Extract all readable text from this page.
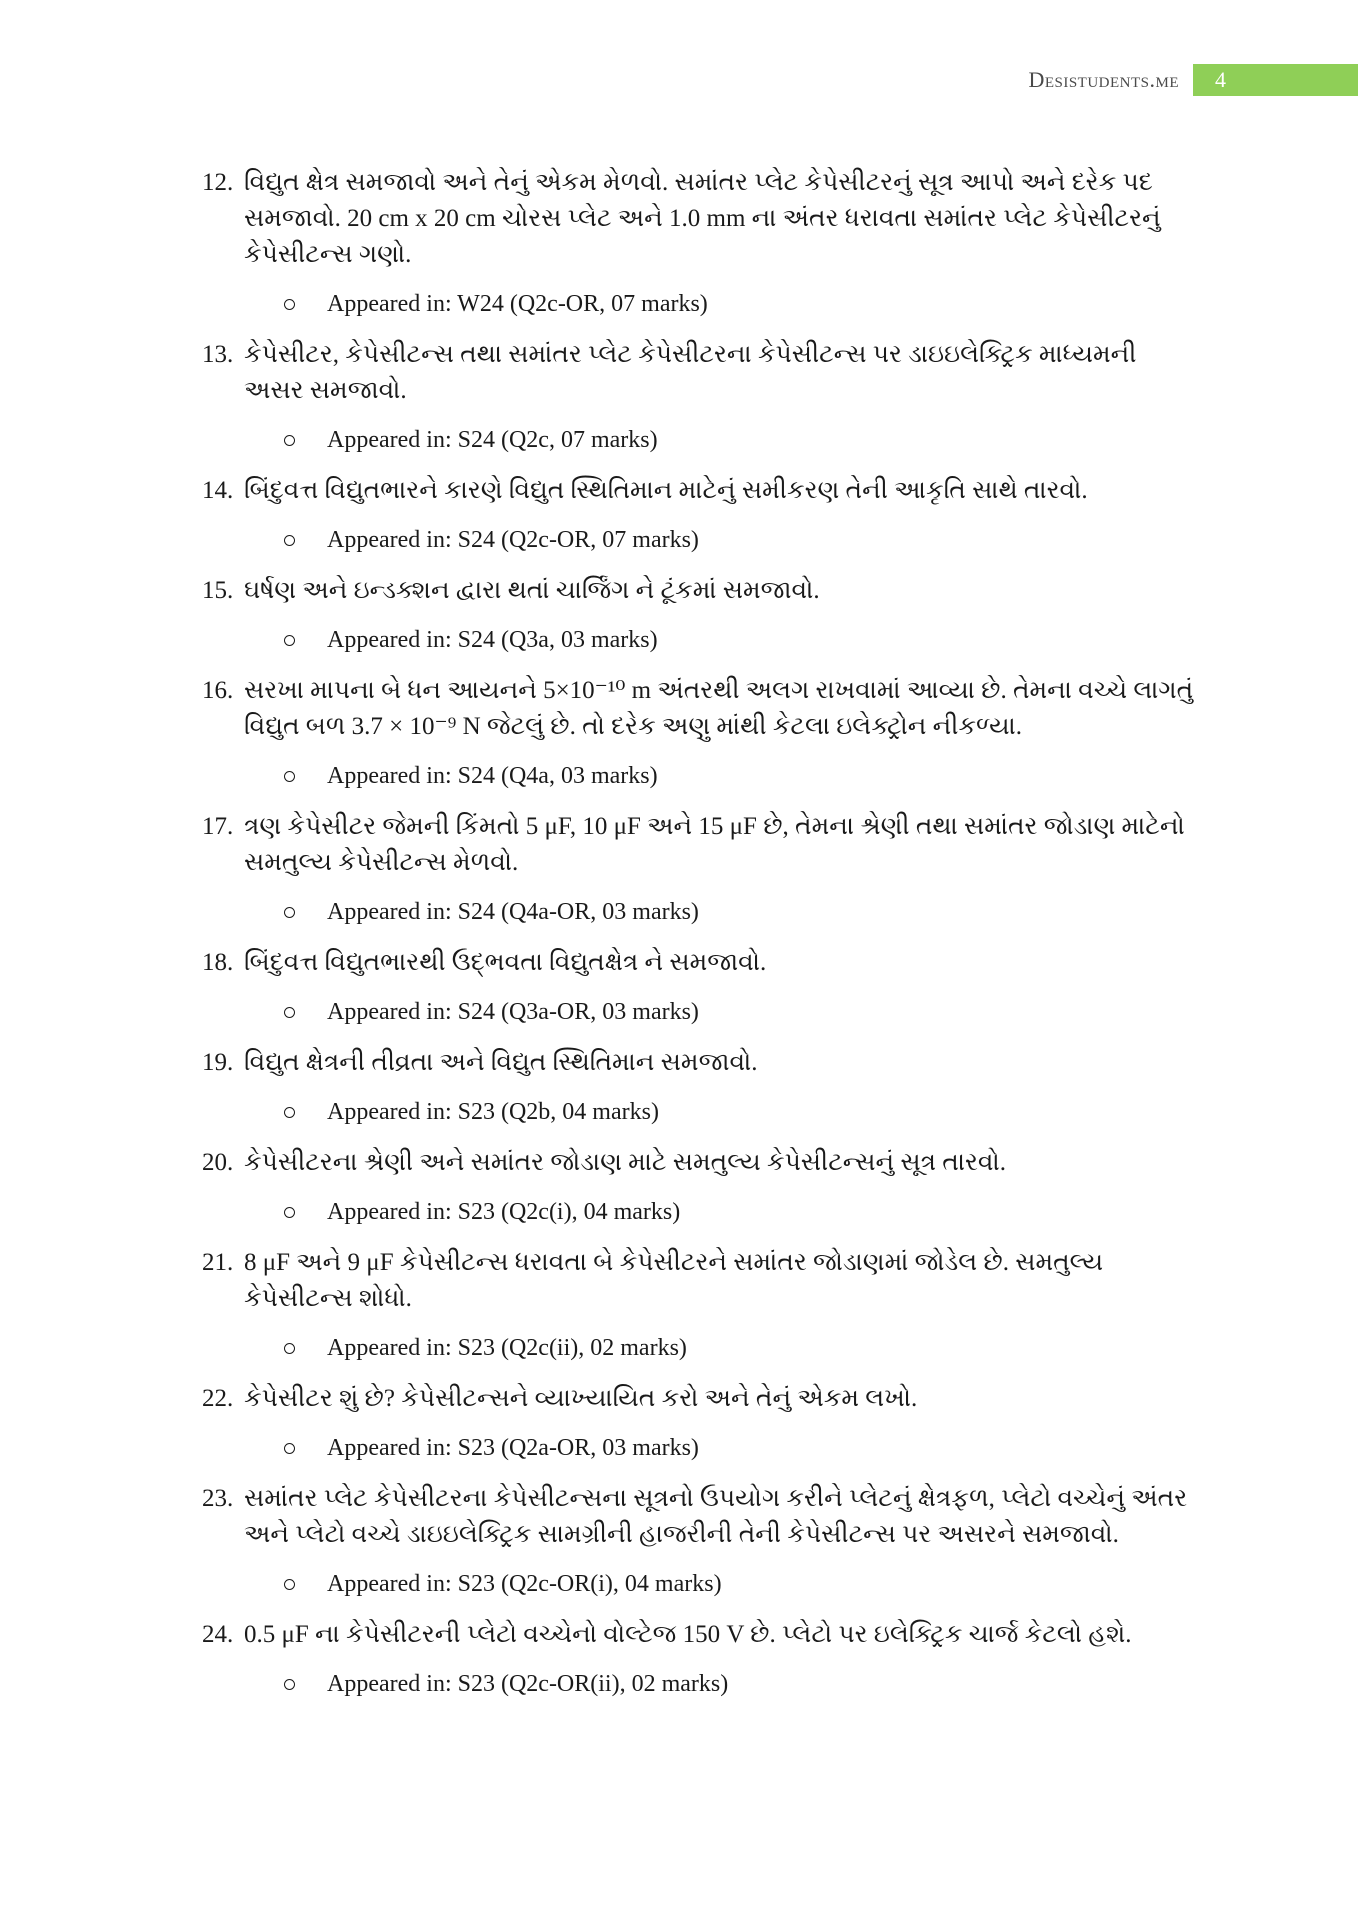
Desistudents.me	4
12. વિદ્યુત ક્ષેત્ર સમજાવો અને તેનું એકમ મેળવો. સમાંતર પ્લેટ કેપેસીટરનું સૂત્ર આપો અને દરેક પદ સમજાવો. 20 cm x 20 cm ચોરસ પ્લેટ અને 1.0 mm ના અંતર ધરાવતા સમાંતર પ્લેટ કેપેસીટરનું કેપેસીટન્સ ગણો.
Appeared in: W24 (Q2c-OR, 07 marks)
13. કેપેસીટર, કેપેસીટન્સ તથા સમાંતર પ્લેટ કેપેસીટરના કેપેસીટન્સ પર ડાઇઇલેક્ટ્રિક માધ્યમની અસર સમજાવો.
Appeared in: S24 (Q2c, 07 marks)
14. બિંદુવત્ત વિદ્યુતભારને કારણે વિદ્યુત સ્થિતિમાન માટેનું સમીકરણ તેની આકૃતિ સાથે તારવો.
Appeared in: S24 (Q2c-OR, 07 marks)
15. ઘર્ષણ અને ઇન્ડક્શન દ્વારા થતાં ચાર્જિંગ ને ટૂંકમાં સમજાવો.
Appeared in: S24 (Q3a, 03 marks)
16. સરખા માપના બે ધન આયનને 5×10⁻¹⁰ m અંતરથી અલગ રાખવામાં આવ્યા છે. તેમના વચ્ચે લાગતું વિદ્યુત બળ 3.7 × 10⁻⁹ N જેટલું છે. તો દરેક અણુ માંથી કેટલા ઇલેક્ટ્રોન નીકળ્યા.
Appeared in: S24 (Q4a, 03 marks)
17. ત્રણ કેપેસીટર જેમની કિંમતો 5 μF, 10 μF અને 15 μF છે, તેમના શ્રેણી તથા સમાંતર જોડાણ માટેનો સમતુલ્ય કેપેસીટન્સ મેળવો.
Appeared in: S24 (Q4a-OR, 03 marks)
18. બિંદુવત્ત વિદ્યુતભારથી ઉદ્ભવતા વિદ્યુતક્ષેત્ર ને સમજાવો.
Appeared in: S24 (Q3a-OR, 03 marks)
19. વિદ્યુત ક્ષેત્રની તીવ્રતા અને વિદ્યુત સ્થિતિમાન સમજાવો.
Appeared in: S23 (Q2b, 04 marks)
20. કેપેસીટરના શ્રેણી અને સમાંતર જોડાણ માટે સમતુલ્ય કેપેસીટન્સનું સૂત્ર તારવો.
Appeared in: S23 (Q2c(i), 04 marks)
21. 8 μF અને 9 μF કેપેસીટન્સ ધરાવતા બે કેપેસીટરને સમાંતર જોડાણમાં જોડેલ છે. સમતુલ્ય કેપેસીટન્સ શોધો.
Appeared in: S23 (Q2c(ii), 02 marks)
22. કેપેસીટર શું છે? કેપેસીટન્સને વ્યાખ્યાયિત કરો અને તેનું એકમ લખો.
Appeared in: S23 (Q2a-OR, 03 marks)
23. સમાંતર પ્લેટ કેપેસીટરના કેપેસીટન્સના સૂત્રનો ઉપયોગ કરીને પ્લેટનું ક્ષેત્રફળ, પ્લેટો વચ્ચેનું અંતર અને પ્લેટો વચ્ચે ડાઇઇલેક્ટ્રિક સામગ્રીની હાજરીની તેની કેપેસીટન્સ પર અસરને સમજાવો.
Appeared in: S23 (Q2c-OR(i), 04 marks)
24. 0.5 μF ના કેપેસીટરની પ્લેટો વચ્ચેનો વોલ્ટેજ 150 V છે. પ્લેટો પર ઇલેક્ટ્રિક ચાર્જ કેટલો હશે.
Appeared in: S23 (Q2c-OR(ii), 02 marks)
